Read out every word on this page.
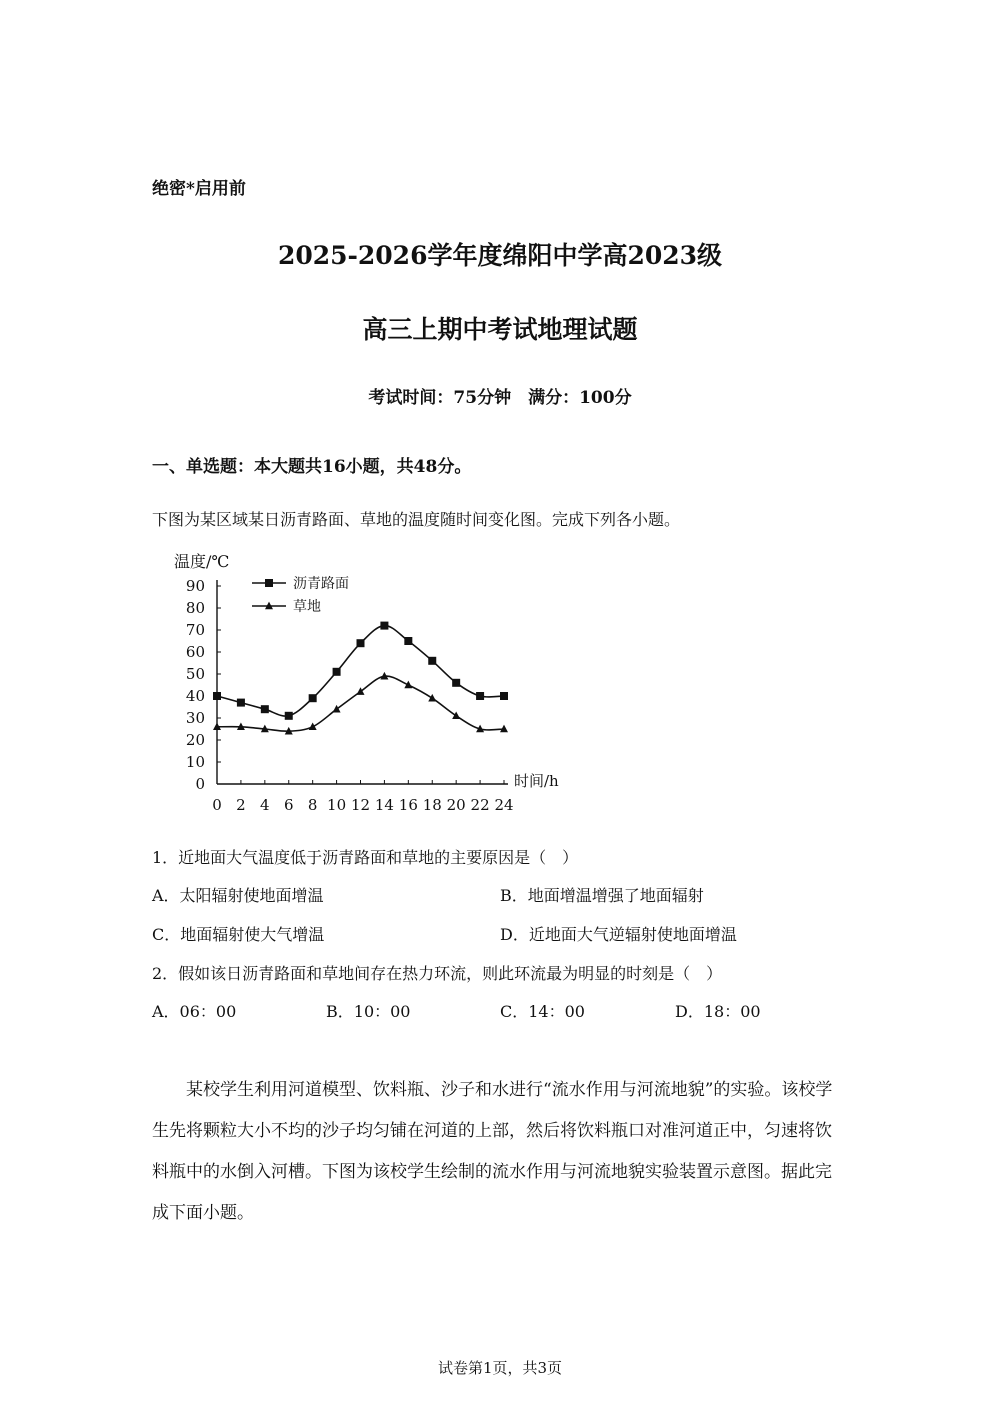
绝密*启用前
2025-2026学年度绵阳中学高2023级
高三上期中考试地理试题
考试时间：75分钟　满分：100分
一、单选题：本大题共16小题，共48分。
下图为某区域某日沥青路面、草地的温度随时间变化图。完成下列各小题。
0
10
20
30
40
50
60
70
80
90
0 2 4 6 8 10 12 14 16 18 20 22 24
温度/℃
时间/h
沥青路面
草地
1．近地面大气温度低于沥青路面和草地的主要原因是（　）
A．太阳辐射使地面增温	B．地面增温增强了地面辐射
C．地面辐射使大气增温	D．近地面大气逆辐射使地面增温
2．假如该日沥青路面和草地间存在热力环流，则此环流最为明显的时刻是（　）
A．06：00	B．10：00	C．14：00	D．18：00

某校学生利用河道模型、饮料瓶、沙子和水进行“流水作用与河流地貌”的实验。该校学生先将颗粒大小不均的沙子均匀铺在河道的上部，然后将饮料瓶口对准河道正中，匀速将饮料瓶中的水倒入河槽。下图为该校学生绘制的流水作用与河流地貌实验装置示意图。据此完成下面小题。

试卷第1页，共3页
